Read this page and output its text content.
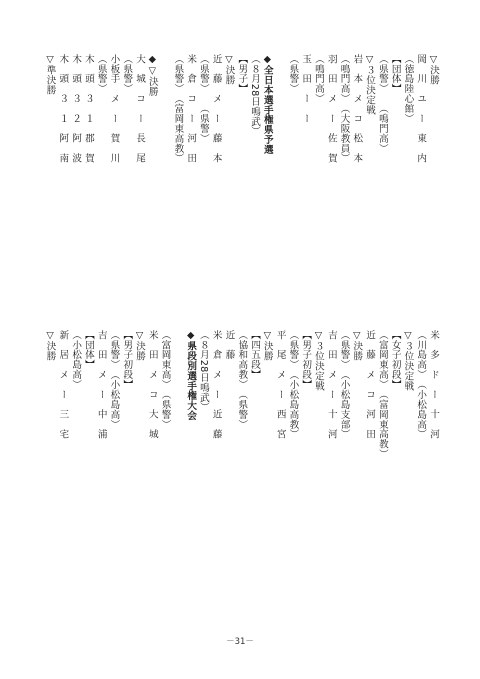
▽決勝
岡　川　ユ　ー　東　内
（徳島陸心館）
【団体】
（県警）　　（鳴門高）
▽３位決定戦
岩　本　メ　コ　松　本
（鳴門高）　（大阪教員）
羽　田　メ　ー　佐　賀
（鳴門高）
玉　田　ー　ー　
（県警）
◆全日本選手権県予選
（８月28日鳴武）
【男子】
▽決勝
近　藤　メ　ー　藤　本
（県警）　　（県警）
米　倉　コ　ー　河　田
（県警）　（富岡東高教）
◆▽決勝
大　城　コ　ー　長　尾
（県警）
小板手　メ　ー　賀　川
（県警）
木　頭　３　１　郡　賀
木　頭　３　２　阿　波
木　頭　３　１　阿　南
▽準決勝
米　多　ド　ー　十　河
（川島高）　（小松島高）
▽３位決定戦
【女子初段】
（富岡東高）　（富岡東高教）
近　藤　メ　コ　河　田
▽決勝
（県警）　（小松島支部）
吉　田　メ　ー　十　河
▽３位決定戦
【男子初段】
（県警）　（小松島高教）
平　尾　メ　ー　西　宮
▽決勝
【四五段】
（協和高教）　（県警）
近　藤
米　倉　メ　ー　近　藤
（８月28日鳴武）
◆県段別選手権大会
（富岡東高）　（県警）
米　田　メ　コ　大　城
▽決勝
【男子初段】
（県警）　（小松島高）
吉　田　メ　ー　中　浦
【団体】
（小松島高）
新　居　メ　ー　三　宅
▽決勝
－31－
